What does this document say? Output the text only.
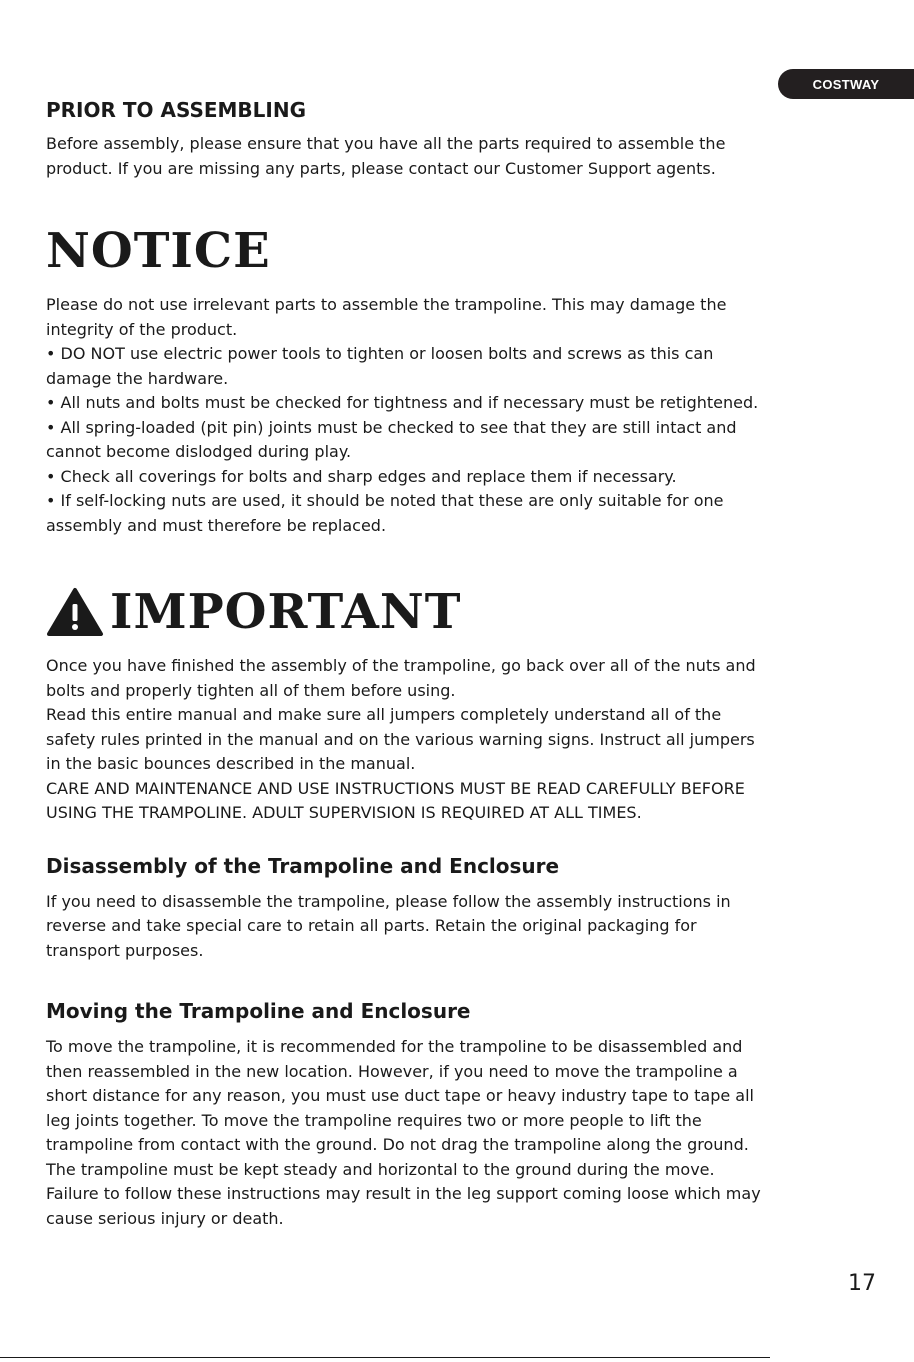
COSTWAY
PRIOR TO ASSEMBLING

Before assembly, please ensure that you have all the parts required to assemble the
product. If you are missing any parts, please contact our Customer Support agents.

NOTICE

Please do not use irrelevant parts to assemble the trampoline. This may damage the
integrity of the product.
• DO NOT use electric power tools to tighten or loosen bolts and screws as this can
damage the hardware.
• All nuts and bolts must be checked for tightness and if necessary must be retightened.
• All spring-loaded (pit pin) joints must be checked to see that they are still intact and
cannot become dislodged during play.
• Check all coverings for bolts and sharp edges and replace them if necessary.
• If self-locking nuts are used, it should be noted that these are only suitable for one
assembly and must therefore be replaced.

IMPORTANT

Once you have finished the assembly of the trampoline, go back over all of the nuts and
bolts and properly tighten all of them before using.
Read this entire manual and make sure all jumpers completely understand all of the
safety rules printed in the manual and on the various warning signs. Instruct all jumpers
in the basic bounces described in the manual.
CARE AND MAINTENANCE AND USE INSTRUCTIONS MUST BE READ CAREFULLY BEFORE
USING THE TRAMPOLINE. ADULT SUPERVISION IS REQUIRED AT ALL TIMES.

Disassembly of the Trampoline and Enclosure

If you need to disassemble the trampoline, please follow the assembly instructions in
reverse and take special care to retain all parts. Retain the original packaging for
transport purposes.

Moving the Trampoline and Enclosure

To move the trampoline, it is recommended for the trampoline to be disassembled and
then reassembled in the new location. However, if you need to move the trampoline a
short distance for any reason, you must use duct tape or heavy industry tape to tape all
leg joints together. To move the trampoline requires two or more people to lift the
trampoline from contact with the ground. Do not drag the trampoline along the ground.
The trampoline must be kept steady and horizontal to the ground during the move.
Failure to follow these instructions may result in the leg support coming loose which may
cause serious injury or death.

17
